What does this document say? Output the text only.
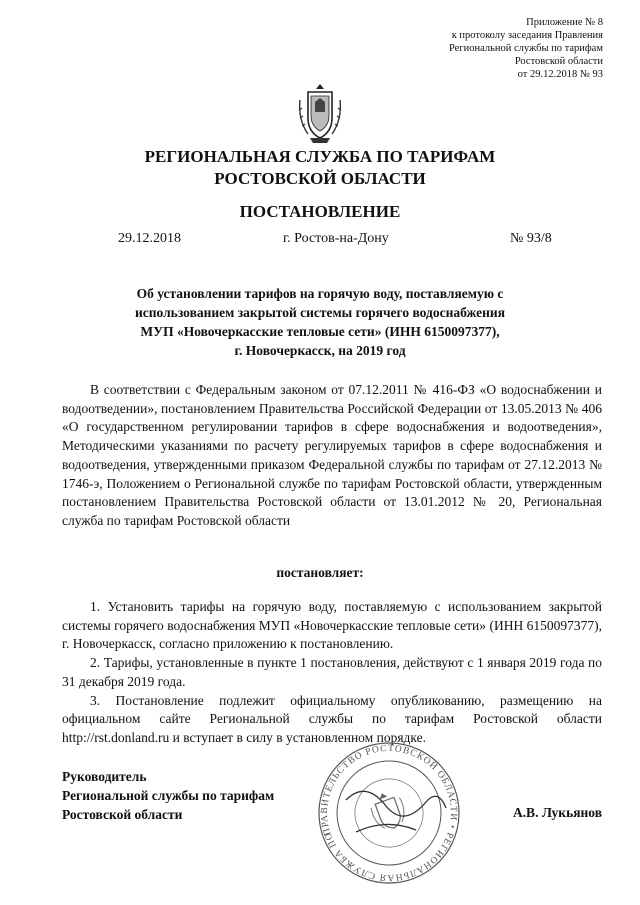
Приложение № 8
к протоколу заседания Правления
Региональной службы по тарифам
Ростовской области
от 29.12.2018 № 93
РЕГИОНАЛЬНАЯ СЛУЖБА ПО ТАРИФАМ
РОСТОВСКОЙ ОБЛАСТИ
ПОСТАНОВЛЕНИЕ
29.12.2018	г. Ростов-на-Дону	№ 93/8
Об установлении тарифов на горячую воду, поставляемую с
использованием закрытой системы горячего водоснабжения
МУП «Новочеркасские тепловые сети» (ИНН 6150097377),
г. Новочеркасск, на 2019 год
В соответствии с Федеральным законом от 07.12.2011 № 416-ФЗ «О водоснабжении и водоотведении», постановлением Правительства Российской Федерации от 13.05.2013 № 406 «О государственном регулировании тарифов в сфере водоснабжения и водоотведения», Методическими указаниями по расчету регулируемых тарифов в сфере водоснабжения и водоотведения, утвержденными приказом Федеральной службы по тарифам от 27.12.2013 № 1746-э, Положением о Региональной службе по тарифам Ростовской области, утвержденным постановлением Правительства Ростовской области от 13.01.2012 № 20, Региональная служба по тарифам Ростовской области
постановляет:
1. Установить тарифы на горячую воду, поставляемую с использованием закрытой системы горячего водоснабжения МУП «Новочеркасские тепловые сети» (ИНН 6150097377), г. Новочеркасск, согласно приложению к постановлению.
2. Тарифы, установленные в пункте 1 постановления, действуют с 1 января 2019 года по 31 декабря 2019 года.
3. Постановление подлежит официальному опубликованию, размещению на официальном сайте Региональной службы по тарифам Ростовской области http://rst.donland.ru и вступает в силу в установленном порядке.
ПРАВИТЕЛЬСТВО РОСТОВСКОЙ ОБЛАСТИ • РЕГИОНАЛЬНАЯ СЛУЖБА ПО
Руководитель
Региональной службы по тарифам
Ростовской области	А.В. Лукьянов
